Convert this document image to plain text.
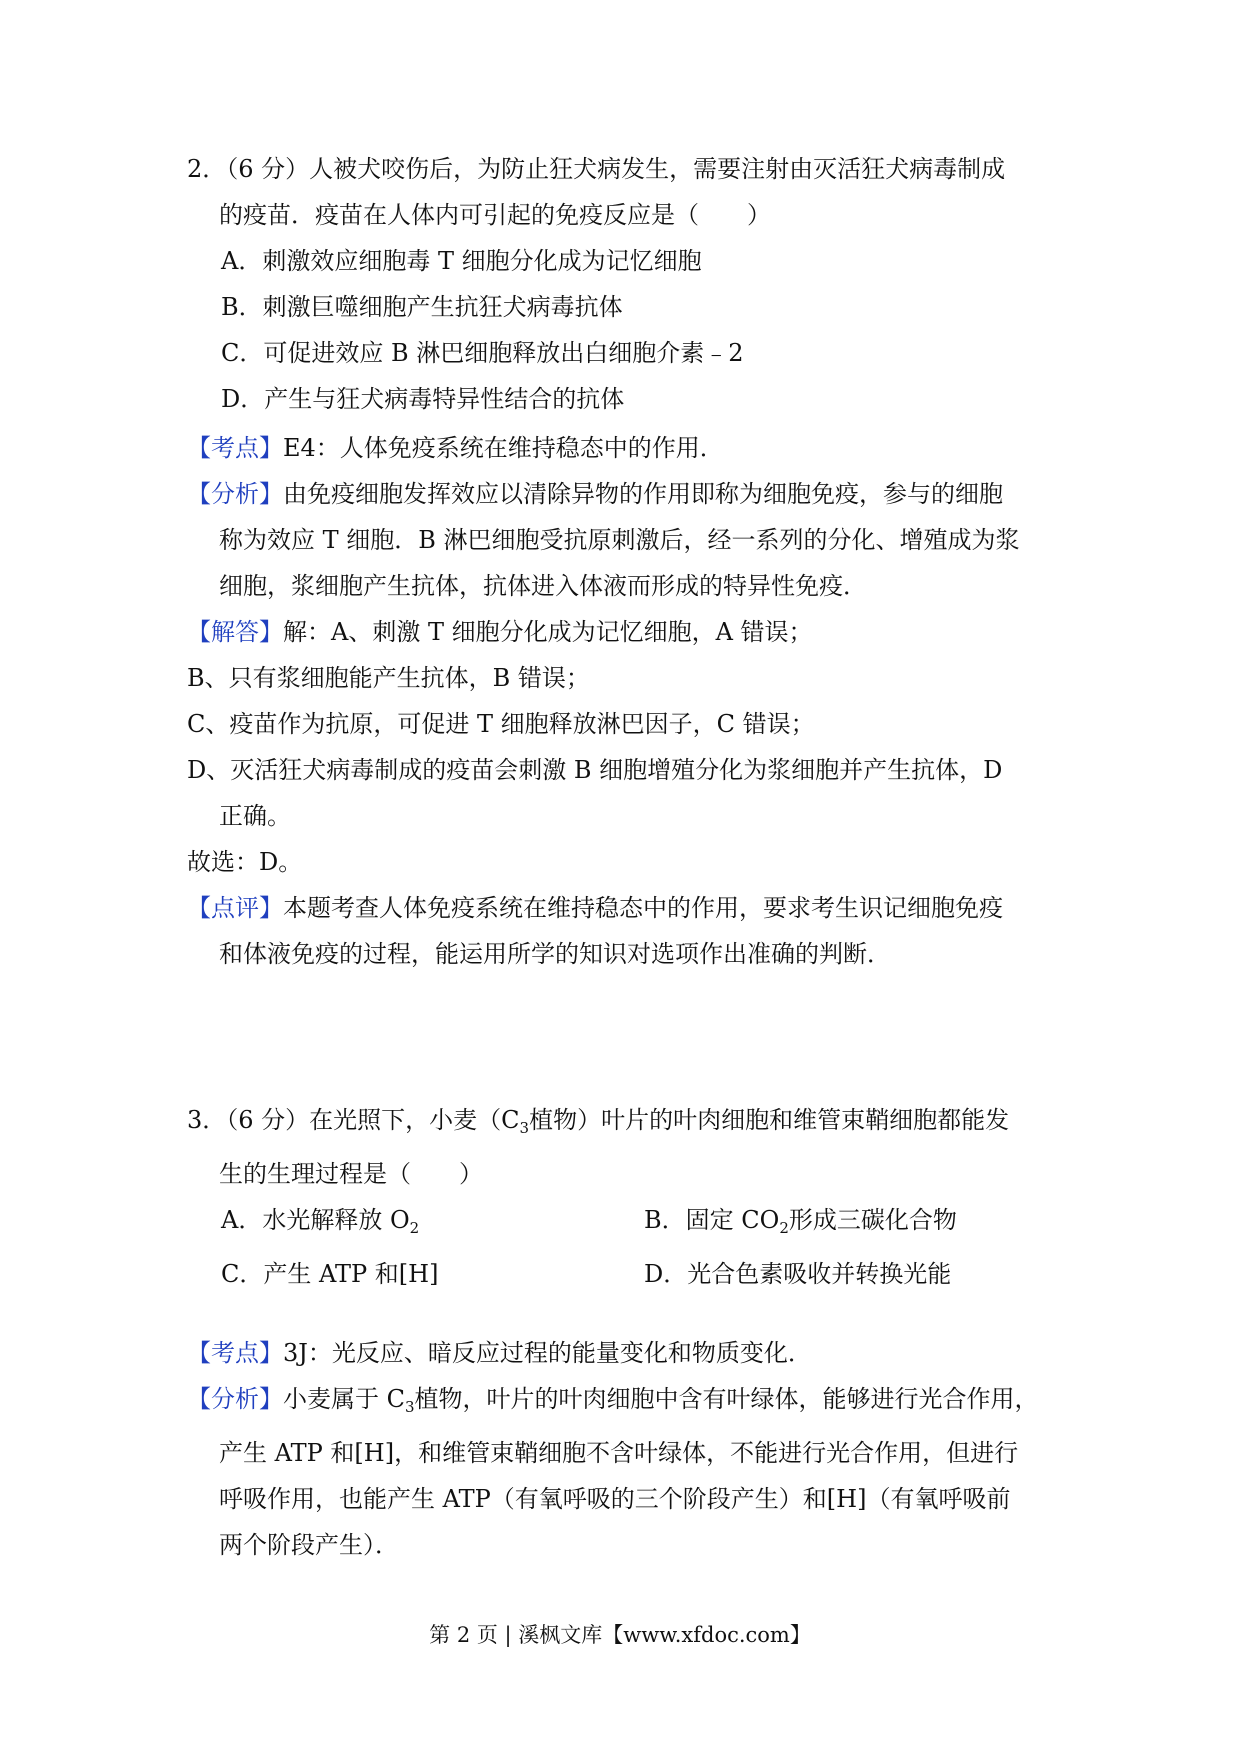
2．（6 分）人被犬咬伤后，为防止狂犬病发生，需要注射由灭活狂犬病毒制成
的疫苗．疫苗在人体内可引起的免疫反应是（　　）
A．刺激效应细胞毒 T 细胞分化成为记忆细胞
B．刺激巨噬细胞产生抗狂犬病毒抗体
C．可促进效应 B 淋巴细胞释放出白细胞介素﹣2
D．产生与狂犬病毒特异性结合的抗体
【考点】E4：人体免疫系统在维持稳态中的作用．
【分析】由免疫细胞发挥效应以清除异物的作用即称为细胞免疫，参与的细胞
称为效应 T 细胞．B 淋巴细胞受抗原刺激后，经一系列的分化、增殖成为浆
细胞，浆细胞产生抗体，抗体进入体液而形成的特异性免疫．
【解答】解：A、刺激 T 细胞分化成为记忆细胞，A 错误；
B、只有浆细胞能产生抗体，B 错误；
C、疫苗作为抗原，可促进 T 细胞释放淋巴因子，C 错误；
D、灭活狂犬病毒制成的疫苗会刺激 B 细胞增殖分化为浆细胞并产生抗体，D
正确。
故选：D。
【点评】本题考查人体免疫系统在维持稳态中的作用，要求考生识记细胞免疫
和体液免疫的过程，能运用所学的知识对选项作出准确的判断．
3．（6 分）在光照下，小麦（$C_3$植物）叶片的叶肉细胞和维管束鞘细胞都能发
生的生理过程是（　　）
A．水光解释放 $O_2$	B．固定 $CO_2$形成三碳化合物
C．产生 ATP 和[H]	D．光合色素吸收并转换光能
【考点】3J：光反应、暗反应过程的能量变化和物质变化．
【分析】小麦属于 $C_3$植物，叶片的叶肉细胞中含有叶绿体，能够进行光合作用，
产生 ATP 和[H]，和维管束鞘细胞不含叶绿体，不能进行光合作用，但进行
呼吸作用，也能产生 ATP（有氧呼吸的三个阶段产生）和[H]（有氧呼吸前
两个阶段产生）．
第 2 页 | 溪枫文库【www.xfdoc.com】
